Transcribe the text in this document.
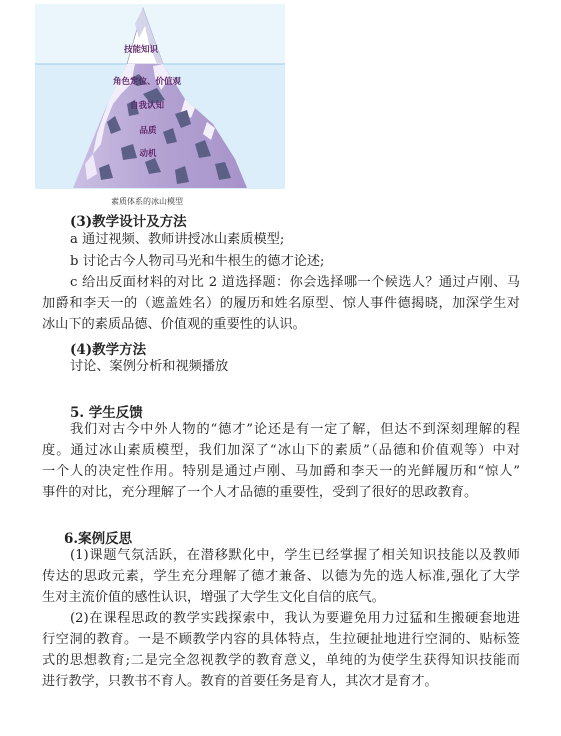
技能知识
角色定位、价值观
自我认知
品质
动机
素质体系的冰山模型
(3)教学设计及方法
a 通过视频、教师讲授冰山素质模型;
b 讨论古今人物司马光和牛根生的德才论述;
c 给出反面材料的对比 2 道选择题：你会选择哪一个候选人？通过卢刚、马
加爵和李天一的（遮盖姓名）的履历和姓名原型、惊人事件德揭晓，加深学生对
冰山下的素质品德、价值观的重要性的认识。
(4)教学方法
讨论、案例分析和视频播放
5. 学生反馈
我们对古今中外人物的“德才”论还是有一定了解，但达不到深刻理解的程
度。通过冰山素质模型，我们加深了“冰山下的素质”（品德和价值观等）中对
一个人的决定性作用。特别是通过卢刚、马加爵和李天一的光鲜履历和“惊人”
事件的对比，充分理解了一个人才品德的重要性，受到了很好的思政教育。
6.案例反思
(1)课题气氛活跃，在潜移默化中，学生已经掌握了相关知识技能以及教师
传达的思政元素，学生充分理解了德才兼备、以德为先的选人标准,强化了大学
生对主流价值的感性认识，增强了大学生文化自信的底气。
(2)在课程思政的教学实践探索中，我认为要避免用力过猛和生搬硬套地进
行空洞的教育。一是不顾教学内容的具体特点，生拉硬扯地进行空洞的、贴标签
式的思想教育;二是完全忽视教学的教育意义，单纯的为使学生获得知识技能而
进行教学，只教书不育人。教育的首要任务是育人，其次才是育才。
